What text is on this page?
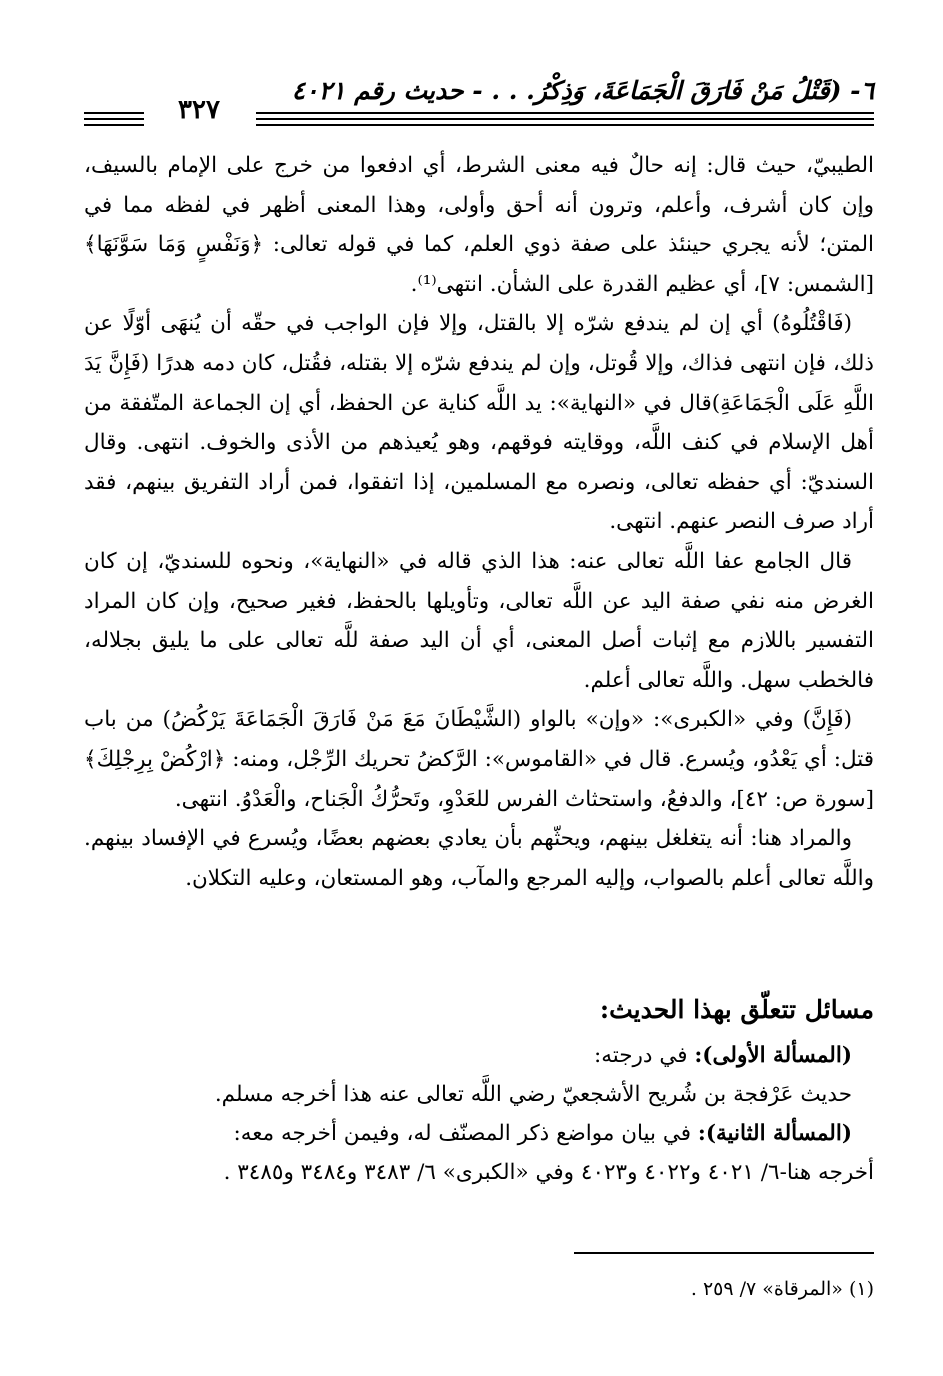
٦- (قَتْلُ مَنْ فَارَقَ الْجَمَاعَةَ، وَذِكْرُ. . . - حديث رقم ٤٠٢١
٣٢٧

الطيبيّ، حيث قال: إنه حالٌ فيه معنى الشرط، أي ادفعوا من خرج على الإمام بالسيف، وإن كان أشرف، وأعلم، وترون أنه أحق وأولى، وهذا المعنى أظهر في لفظه مما في المتن؛ لأنه يجري حينئذ على صفة ذوي العلم، كما في قوله تعالى: ﴿وَنَفْسٍ وَمَا سَوَّنَهَا﴾ [الشمس: ٧]، أي عظيم القدرة على الشأن. انتهى⁽¹⁾.

(فَاقْتُلُوهُ) أي إن لم يندفع شرّه إلا بالقتل، وإلا فإن الواجب في حقّه أن يُنهَى أوّلًا عن ذلك، فإن انتهى فذاك، وإلا قُوتل، وإن لم يندفع شرّه إلا بقتله، فقُتل، كان دمه هدرًا (فَإِنَّ يَدَ اللَّهِ عَلَى الْجَمَاعَةِ)قال في «النهاية»: يد اللَّه كناية عن الحفظ، أي إن الجماعة المتّفقة من أهل الإسلام في كنف اللَّه، ووقايته فوقهم، وهو يُعيذهم من الأذى والخوف. انتهى. وقال السنديّ: أي حفظه تعالى، ونصره مع المسلمين، إذا اتفقوا، فمن أراد التفريق بينهم، فقد أراد صرف النصر عنهم. انتهى.

قال الجامع عفا اللَّه تعالى عنه: هذا الذي قاله في «النهاية»، ونحوه للسنديّ، إن كان الغرض منه نفي صفة اليد عن اللَّه تعالى، وتأويلها بالحفظ، فغير صحيح، وإن كان المراد التفسير باللازم مع إثبات أصل المعنى، أي أن اليد صفة للَّه تعالى على ما يليق بجلاله، فالخطب سهل. واللَّه تعالى أعلم.

(فَإِنَّ) وفي «الكبرى»: «وإن» بالواو (الشَّيْطَانَ مَعَ مَنْ فَارَقَ الْجَمَاعَةَ يَرْكُضُ) من باب قتل: أي يَعْدُو، ويُسرع. قال في «القاموس»: الرَّكضُ تحريك الرِّجْل، ومنه: ﴿ارْكُضْ بِرِجْلِكَ﴾ [سورة ص: ٤٢]، والدفعُ، واستحثاث الفرس للعَدْوِ، وتَحرُّكُ الْجَناح، والْعَدْوُ. انتهى.

والمراد هنا: أنه يتغلغل بينهم، ويحثّهم بأن يعادي بعضهم بعضًا، ويُسرع في الإفساد بينهم. واللَّه تعالى أعلم بالصواب، وإليه المرجع والمآب، وهو المستعان، وعليه التكلان.

مسائل تتعلّق بهذا الحديث:

(المسألة الأولى): في درجته:

حديث عَرْفجة بن شُريح الأشجعيّ رضي اللَّه تعالى عنه هذا أخرجه مسلم.

(المسألة الثانية): في بيان مواضع ذكر المصنّف له، وفيمن أخرجه معه:

أخرجه هنا-٦/ ٤٠٢١ و٤٠٢٢ و٤٠٢٣ وفي «الكبرى» ٦/ ٣٤٨٣ و٣٤٨٤ و٣٤٨٥ .

(١) «المرقاة» ٧/ ٢٥٩ .
